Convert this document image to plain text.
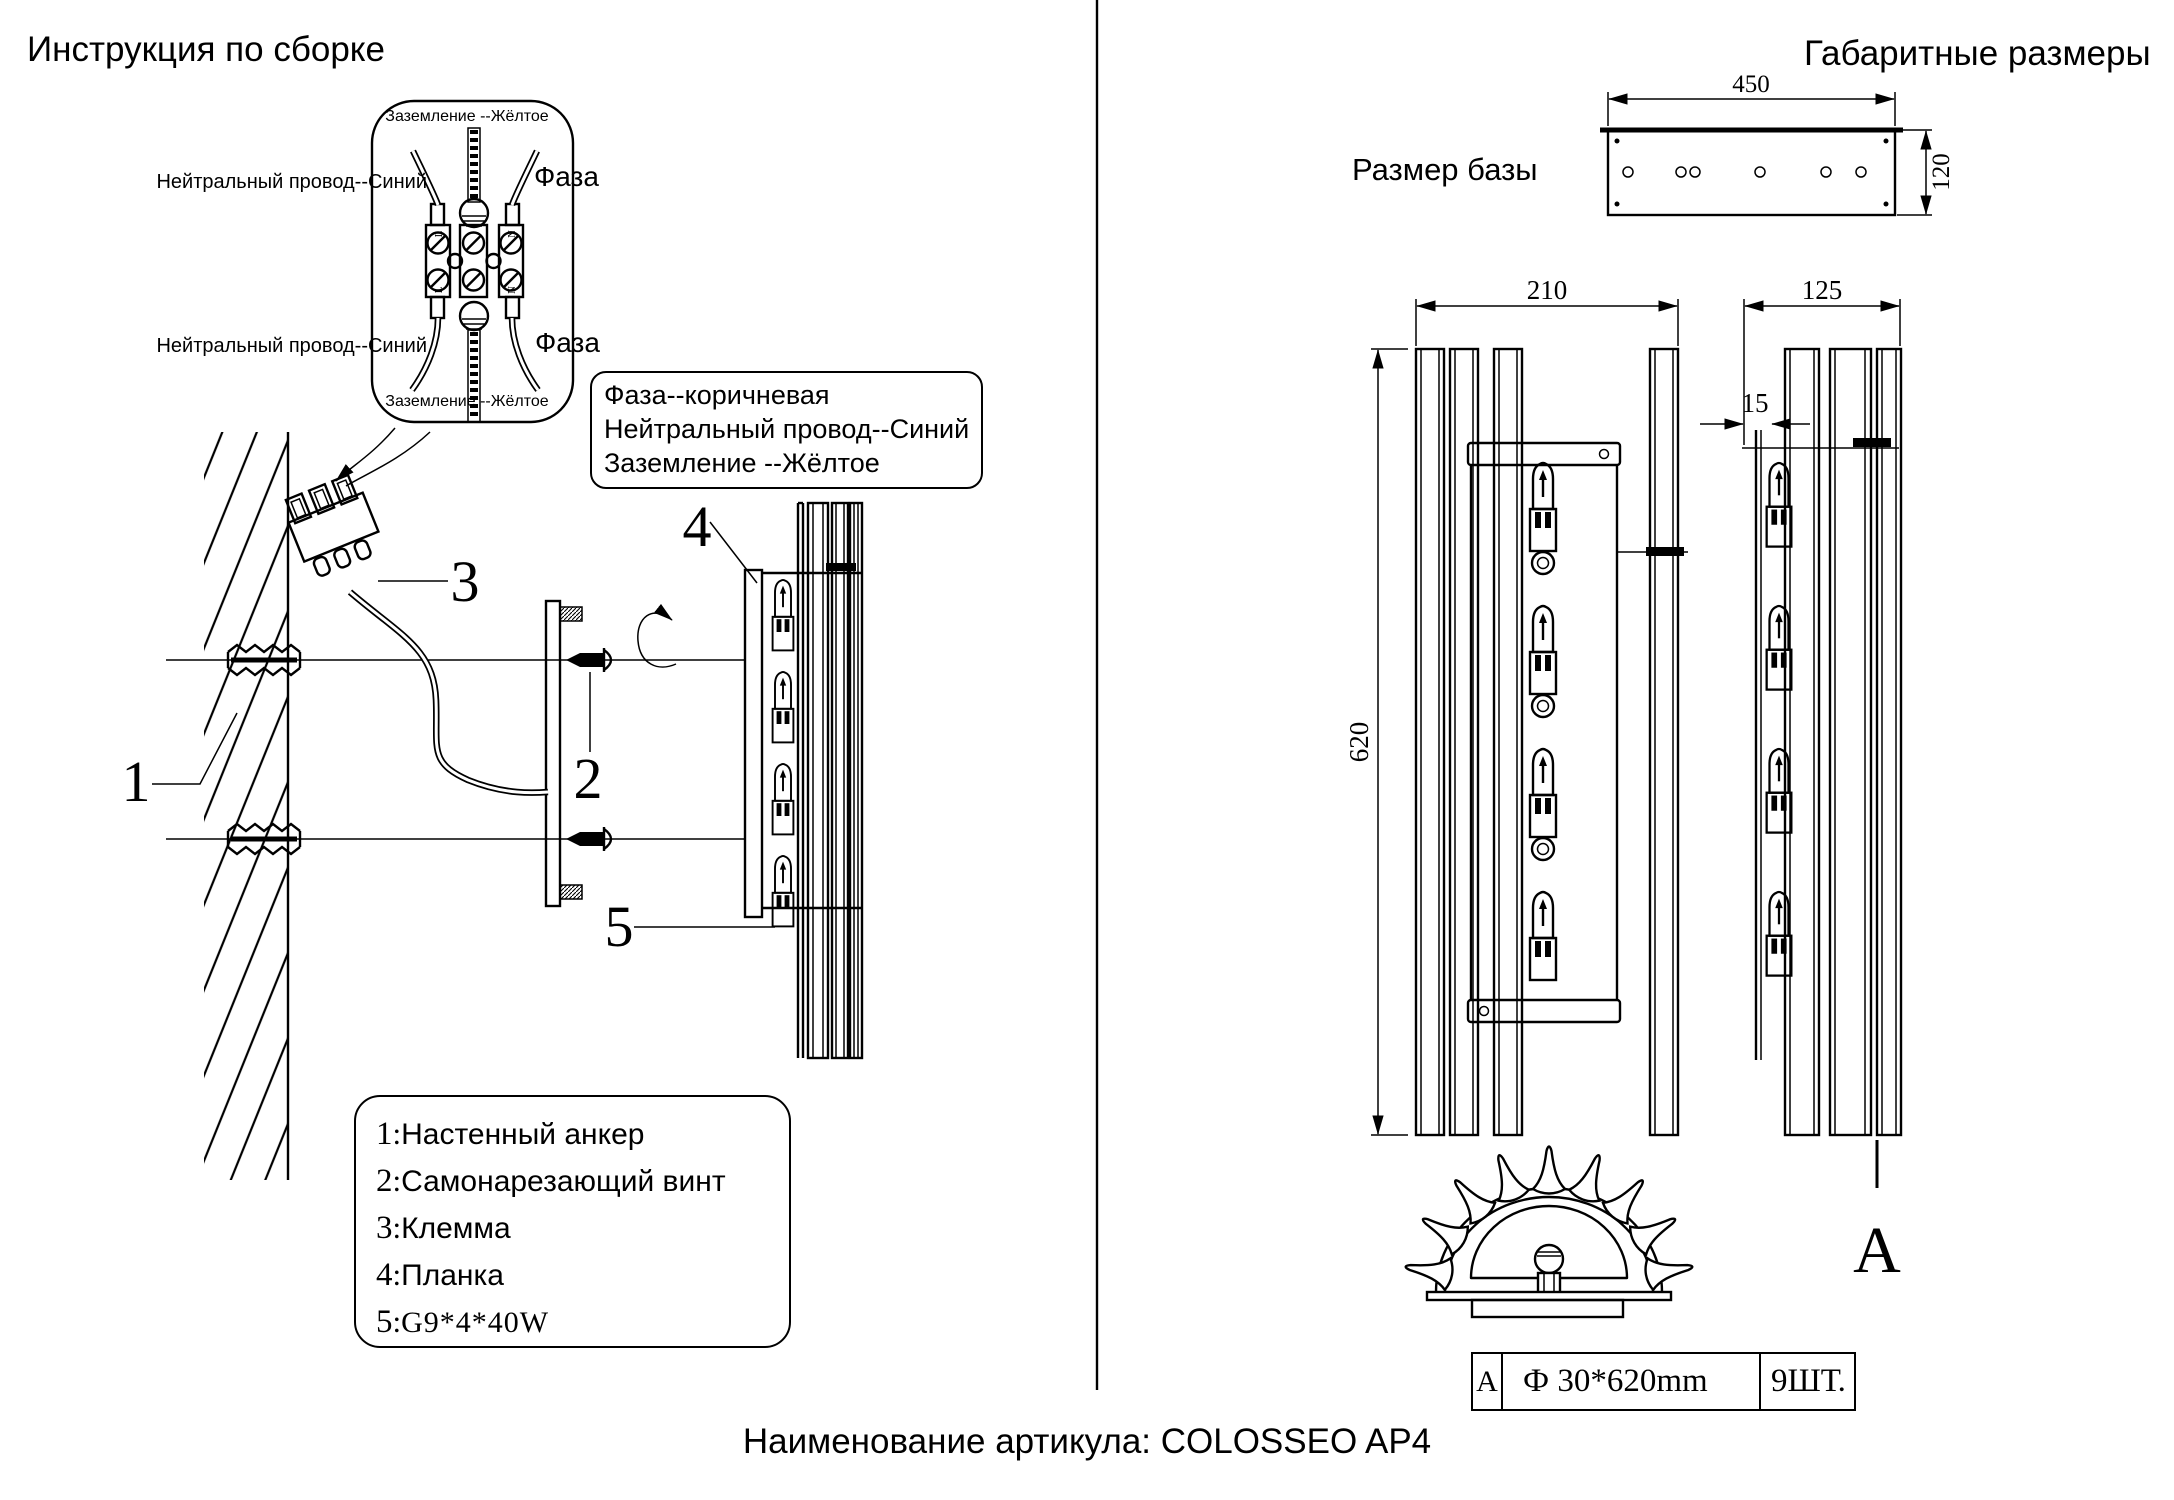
Заземление --Жёлтое
L
L
N
N
Нейтральный провод--Синий	Фаза
Нейтральный провод--Синий	Фаза
Заземление --Жёлтое
1	2
3
4
5
450
120
210
620
125
15
A
Инструкция по сборке	Габаритные размеры
Размер базы
Фаза--коричневая
Нейтральный провод--Синий
Заземление --Жёлтое
1:Настенный анкер
2:Самонарезающий винт
3:Клемма
4:Планка
5:G9*4*40W
A Ф 30*620mm	9ШТ.
Наименование артикула: COLOSSEO AP4
